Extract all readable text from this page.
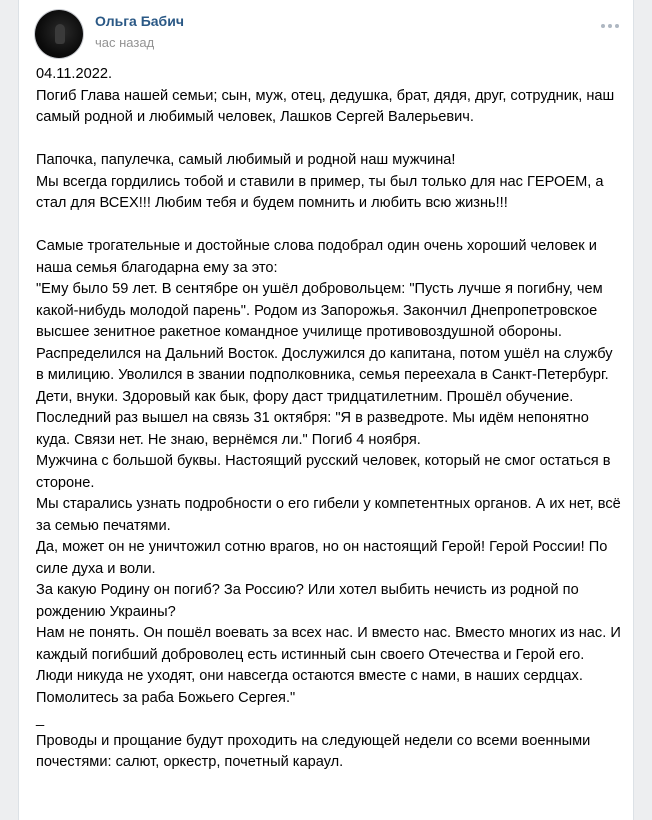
Ольга Бабич
час назад

04.11.2022.

Погиб Глава нашей семьи; сын, муж, отец, дедушка, брат, дядя, друг, сотрудник, наш самый родной и любимый человек, Лашков Сергей Валерьевич.

Папочка, папулечка, самый любимый и родной наш мужчина!

Мы всегда гордились тобой и ставили в пример, ты был только для нас ГЕРОЕМ, а стал для ВСЕХ!!! Любим тебя и будем помнить и любить всю жизнь!!!

Самые трогательные и достойные слова подобрал один очень хороший человек и наша семья благодарна ему за это:

"Ему было 59 лет. В сентябре он ушёл добровольцем: "Пусть лучше я погибну, чем какой-нибудь молодой парень". Родом из Запорожья. Закончил Днепропетровское высшее зенитное ракетное командное училище противовоздушной обороны. Распределился на Дальний Восток. Дослужился до капитана, потом ушёл на службу в милицию. Уволился в звании подполковника, семья переехала в Санкт-Петербург. Дети, внуки. Здоровый как бык, фору даст тридцатилетним. Прошёл обучение.

Последний раз вышел на связь 31 октября: "Я в разведроте. Мы идём непонятно куда. Связи нет. Не знаю, вернёмся ли." Погиб 4 ноября.

Мужчина с большой буквы. Настоящий русский человек, который не смог остаться в стороне.

Мы старались узнать подробности о его гибели у компетентных органов. А их нет, всё за семью печатями.

Да, может он не уничтожил сотню врагов, но он настоящий Герой! Герой России! По силе духа и воли.

За какую Родину он погиб? За Россию? Или хотел выбить нечисть из родной по рождению Украины?

Нам не понять. Он пошёл воевать за всех нас. И вместо нас. Вместо многих из нас. И каждый погибший доброволец есть истинный сын своего Отечества и Герой его.

Люди никуда не уходят, они навсегда остаются вместе с нами, в наших сердцах. Помолитесь за раба Божьего Сергея."

_

Проводы и прощание будут проходить на следующей недели со всеми военными почестями: салют, оркестр, почетный караул.
